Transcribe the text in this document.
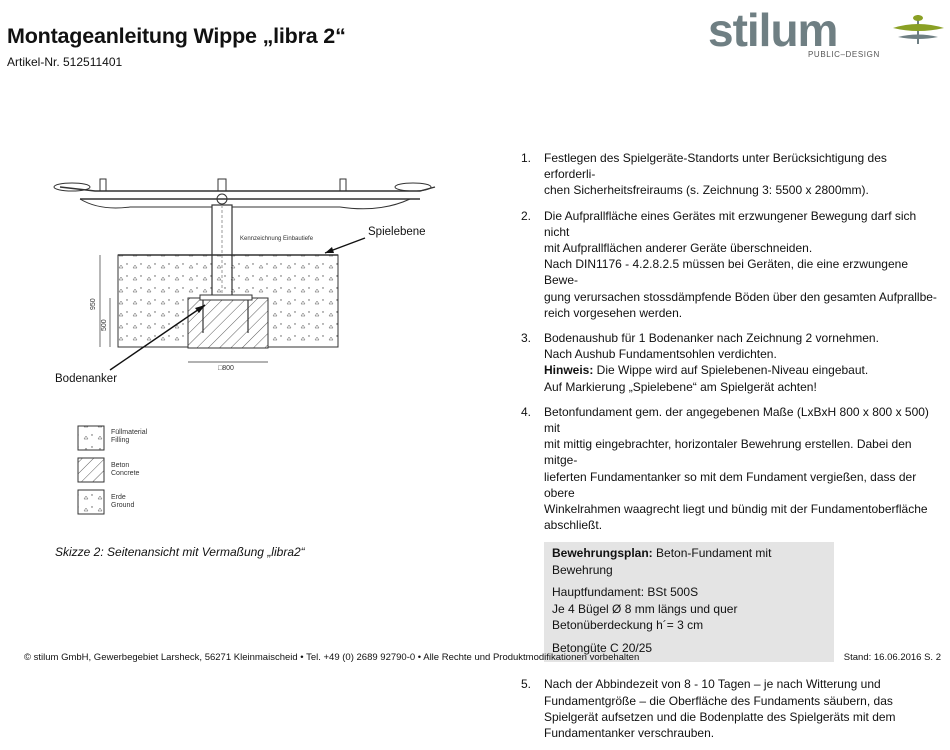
Montageanleitung Wippe „libra 2“
Artikel-Nr. 512511401
stilum
PUBLIC–DESIGN
950
500
□800
Kennzeichnung Einbautiefe
Spielebene
Bodenanker
Füllmaterial
Filling
Beton
Concrete
Erde
Ground
Skizze 2: Seitenansicht mit Vermaßung „libra2“
1. Festlegen des Spielgeräte-Standorts unter Berücksichtigung des erforderli-
chen Sicherheitsfreiraums (s. Zeichnung 3: 5500 x 2800mm).
2. Die Aufprallfläche eines Gerätes mit erzwungener Bewegung darf sich nicht
mit Aufprallflächen anderer Geräte überschneiden.
Nach DIN1176 - 4.2.8.2.5 müssen bei Geräten, die eine erzwungene Bewe-
gung verursachen stossdämpfende Böden über den gesamten Aufprallbe-
reich vorgesehen werden.
3. Bodenaushub für 1 Bodenanker nach Zeichnung 2 vornehmen.
Nach Aushub Fundamentsohlen verdichten.
Hinweis: Die Wippe wird auf Spielebenen-Niveau eingebaut.
Auf Markierung „Spielebene“ am Spielgerät achten!
4. Betonfundament gem. der angegebenen Maße (LxBxH 800 x 800 x 500) mit
mit mittig eingebrachter, horizontaler Bewehrung erstellen. Dabei den mitge-
lieferten Fundamentanker so mit dem Fundament vergießen, dass der obere
Winkelrahmen waagrecht liegt und bündig mit der Fundamentoberfläche
abschließt.
Bewehrungsplan: Beton-Fundament mit Bewehrung
Hauptfundament: BSt 500S
Je 4 Bügel Ø 8 mm längs und quer
Betonüberdeckung h´= 3 cm
Betongüte C 20/25
5. Nach der Abbindezeit von 8 - 10 Tagen – je nach Witterung und
Fundamentgröße – die Oberfläche des Fundaments säubern, das
Spielgerät aufsetzen und die Bodenplatte des Spielgeräts mit dem
Fundamentanker verschrauben.
© stilum GmbH, Gewerbegebiet Larsheck, 56271 Kleinmaischeid • Tel. +49 (0) 2689 92790-0 • Alle Rechte und Produktmodifikationen vorbehalten	Stand: 16.06.2016 S. 2
